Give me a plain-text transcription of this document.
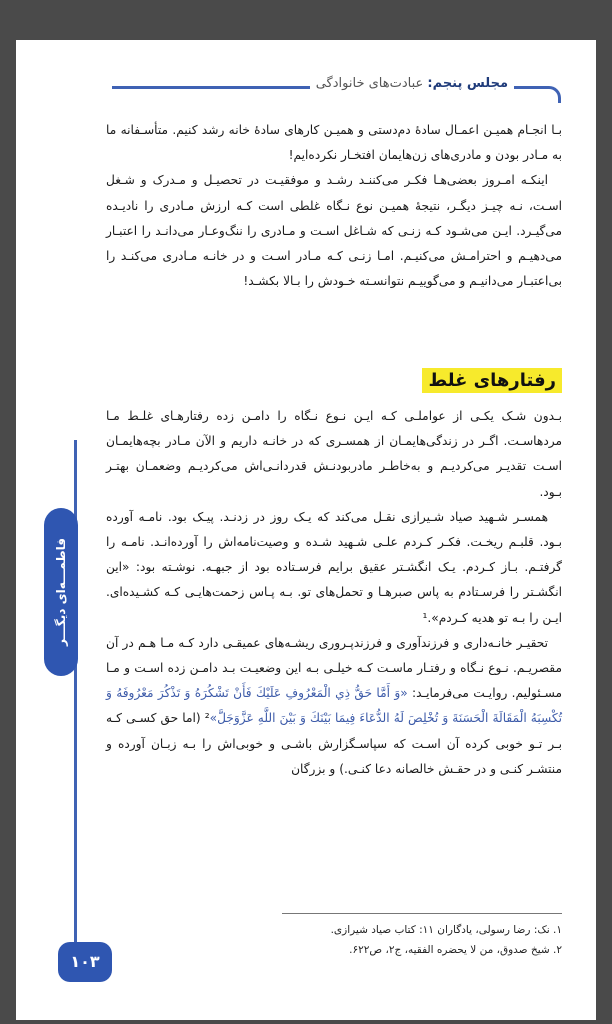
مجلس پنجم: عبادت‌های خانوادگی

بـا انجـام همیـن اعمـال سادهٔ دم‌دستی و همیـن کارهای سادهٔ خانه رشد کنیم. متأسـفانه ما به مـادر بودن و مادری‌های زن‌هایمان افتخـار نکرده‌ایم!

اینکـه امـروز بعضی‌هـا فکـر می‌کننـد رشـد و موفقیـت در تحصیـل و مـدرک و شـغل اسـت، نـه چیـز دیگـر، نتیجهٔ همیـن نوع نـگاه غلطی است کـه ارزش مـادری را نادیـده می‌گیـرد. ایـن می‌شـود کـه زنـی که شـاغل اسـت و مـادری را ننگ‌وعـار می‌دانـد را اعتبـار می‌دهیـم و احترامـش می‌کنیـم. امـا زنـی کـه مـادر اسـت و در خانـه مـادری می‌کنـد را بی‌اعتبـار می‌دانیـم و می‌گوییـم نتوانسـته خـودش را بـالا بکشـد!

رفتارهای غلط

بـدون شـک یکـی از عواملـی کـه ایـن نـوع نـگاه را دامـن زده رفتارهـای غلـط مـا مردهاسـت. اگـر در زندگی‌هایمـان از همسـری که در خانـه داریم و الآن مـادر بچه‌هایمـان اسـت تقدیـر می‌کردیـم و به‌خاطـر مادربودنـش قدردانـی‌اش می‌کردیـم وضعمـان بهتـر بـود.

همسـر شـهید صیاد شـیرازی نقـل می‌کند که یـک روز در زدنـد. پیـک بود. نامـه آورده بـود. قلبـم ریخـت. فکـر کـردم علـی شـهید شـده و وصیت‌نامه‌اش را آورده‌انـد. نامـه را گرفتـم. بـاز کـردم. یـک انگشـتر عقیق برایم فرسـتاده بود از جبهـه. نوشـته بود: «این انگشـتر را فرسـتادم به پاس صبرهـا و تحمل‌های تو. بـه پـاس زحمت‌هایـی کـه کشـیده‌ای. ایـن را بـه تو هدیه کـردم».¹

تحقیـر خانـه‌داری و فرزندآوری و فرزندپـروری ریشـه‌های عمیقـی دارد کـه مـا هـم در آن مقصریـم. نـوع نـگاه و رفتـار ماسـت کـه خیلـی بـه این وضعیـت بـد دامـن زده اسـت و مـا مسـئولیم. روایـت می‌فرمایـد: «وَ أَمَّا حَقُّ ذِي الْمَعْرُوفِ عَلَيْكَ فَأَنْ تَشْكُرَهُ وَ تَذْكُرَ مَعْرُوفَهُ وَ تُكْسِبَهُ الْمَقَالَةَ الْحَسَنَةَ وَ تُخْلِصَ لَهُ الدُّعَاءَ فِيمَا بَيْنَكَ وَ بَيْنَ اللَّهِ عَزَّوَجَلَّ»² (اما حق کسـی کـه بـر تـو خوبی کرده آن اسـت که سپاسـگزارش باشـی و خوبی‌اش را بـه زبـان آورده و منتشـر کنـی و در حقـش خالصانه دعا کنـی.) و بزرگان

فاطمـــه‌ای دیگـــر
۱. نک: رضا رسولی، یادگاران ۱۱: کتاب صیاد شیرازی.
۲. شیخ صدوق، من لا یحضره الفقیه، ج۲، ص۶۲۲.
۱۰۳
